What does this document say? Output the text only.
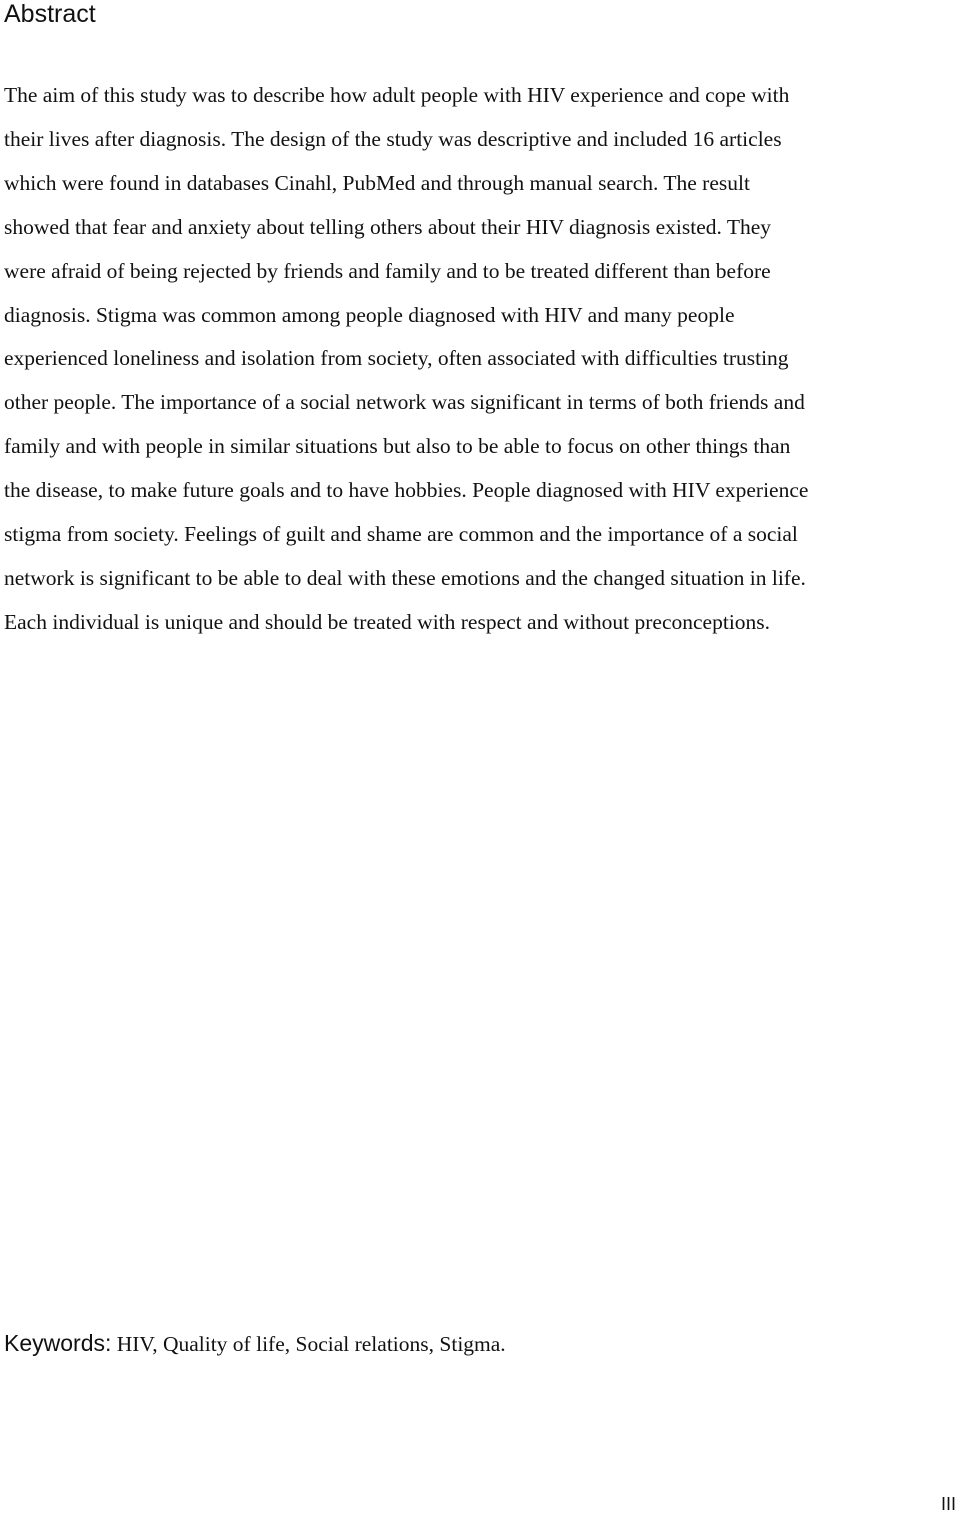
Abstract

The aim of this study was to describe how adult people with HIV experience and cope with
their lives after diagnosis. The design of the study was descriptive and included 16 articles
which were found in databases Cinahl, PubMed and through manual search. The result
showed that fear and anxiety about telling others about their HIV diagnosis existed. They
were afraid of being rejected by friends and family and to be treated different than before
diagnosis. Stigma was common among people diagnosed with HIV and many people
experienced loneliness and isolation from society, often associated with difficulties trusting
other people. The importance of a social network was significant in terms of both friends and
family and with people in similar situations but also to be able to focus on other things than
the disease, to make future goals and to have hobbies. People diagnosed with HIV experience
stigma from society. Feelings of guilt and shame are common and the importance of a social
network is significant to be able to deal with these emotions and the changed situation in life.
Each individual is unique and should be treated with respect and without preconceptions.

Keywords: HIV, Quality of life, Social relations, Stigma.

III
